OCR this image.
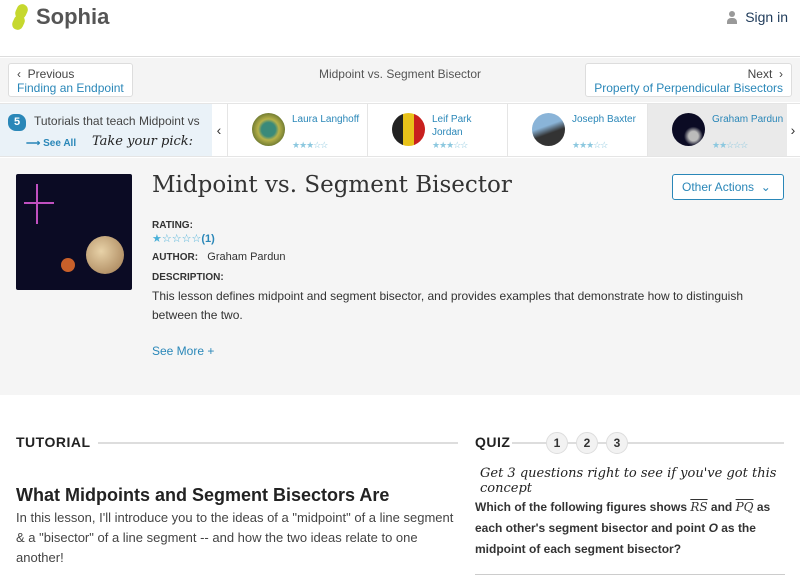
Sophia	Sign in
Midpoint vs. Segment Bisector
‹  Previous
Finding an Endpoint
Next  ›
Property of Perpendicular Bisectors
5 Tutorials that teach Midpoint vs
⟶ See All Take your pick:
‹
Laura Langhoff
★★★☆☆
Leif Park Jordan
★★★☆☆
Joseph Baxter
★★★☆☆
Graham Pardun
★★☆☆☆
›
Midpoint vs. Segment Bisector	Other Actions  ⌄
RATING:
★☆☆☆☆(1)
AUTHOR: Graham Pardun
DESCRIPTION:
This lesson defines midpoint and segment bisector, and provides examples that demonstrate how to distinguish between the two.
See More +
TUTORIAL
What Midpoints and Segment Bisectors Are
In this lesson, I'll introduce you to the ideas of a "midpoint" of a line segment & a "bisector" of a line segment -- and how the two ideas relate to one another!
QUIZ	1	2	3
Get 3 questions right to see if you've got this concept
Which of the following figures shows $\overline{RS}$ and $\overline{PQ}$ as each other's segment bisector and point O as the midpoint of each segment bisector?
